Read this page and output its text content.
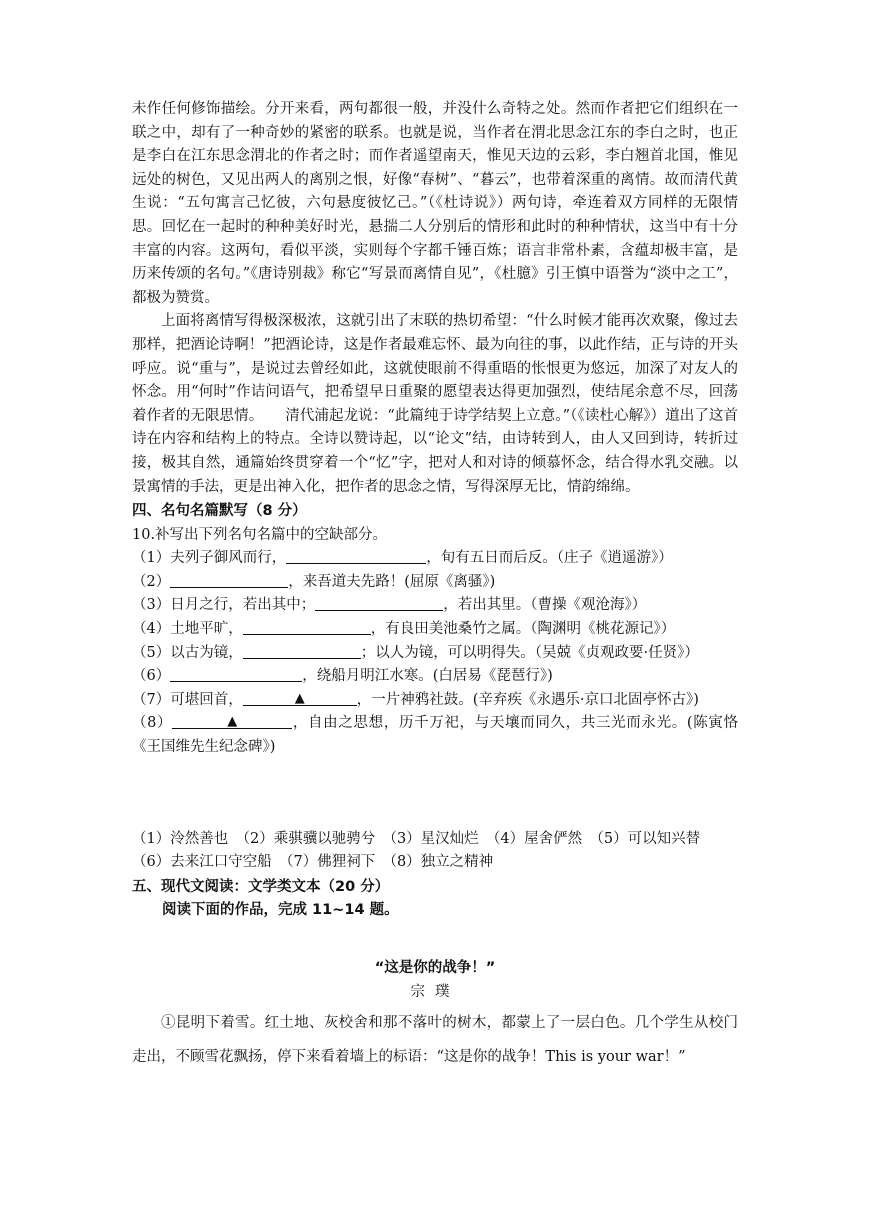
未作任何修饰描绘。分开来看，两句都很一般，并没什么奇特之处。然而作者把它们组织在一联之中，却有了一种奇妙的紧密的联系。也就是说，当作者在渭北思念江东的李白之时，也正是李白在江东思念渭北的作者之时；而作者遥望南天，惟见天边的云彩，李白翘首北国，惟见远处的树色，又见出两人的离别之恨，好像“春树”、“暮云”，也带着深重的离情。故而清代黄生说：“五句寓言己忆彼，六句悬度彼忆己。”（《杜诗说》）两句诗，牵连着双方同样的无限情思。回忆在一起时的种种美好时光，悬揣二人分别后的情形和此时的种种情状，这当中有十分丰富的内容。这两句，看似平淡，实则每个字都千锤百炼；语言非常朴素，含蕴却极丰富，是历来传颂的名句。”《唐诗别裁》称它“写景而离情自见”，《杜臆》引王慎中语誉为“淡中之工”，都极为赞赏。

上面将离情写得极深极浓，这就引出了末联的热切希望：“什么时候才能再次欢聚，像过去那样，把酒论诗啊！”把酒论诗，这是作者最难忘怀、最为向往的事，以此作结，正与诗的开头呼应。说“重与”，是说过去曾经如此，这就使眼前不得重晤的怅恨更为悠远，加深了对友人的怀念。用“何时”作诘问语气，把希望早日重聚的愿望表达得更加强烈，使结尾余意不尽，回荡着作者的无限思情。　　清代浦起龙说：“此篇纯于诗学结契上立意。”（《读杜心解》）道出了这首诗在内容和结构上的特点。全诗以赞诗起，以“论文”结，由诗转到人，由人又回到诗，转折过接，极其自然，通篇始终贯穿着一个“忆”字，把对人和对诗的倾慕怀念，结合得水乳交融。以景寓情的手法，更是出神入化，把作者的思念之情，写得深厚无比，情韵绵绵。

四、名句名篇默写（8 分）

10.补写出下列名句名篇中的空缺部分。

（1）夫列子御风而行，	，旬有五日而后反。（庄子《逍遥游》）

（2）	，来吾道夫先路！(屈原《离骚》)

（3）日月之行，若出其中；	，若出其里。（曹操《观沧海》）

（4）土地平旷，	，有良田美池桑竹之属。（陶渊明《桃花源记》）

（5）以古为镜，	；以人为镜，可以明得失。（吴兢《贞观政要·任贤》）

（6）	，绕船月明江水寒。(白居易《琵琶行》)

（7）可堪回首，	▲	，一片神鸦社鼓。(辛弃疾《永遇乐·京口北固亭怀古》)

（8）	▲	，自由之思想，历千万祀，与天壤而同久，共三光而永光。(陈寅恪《王国维先生纪念碑》)

（1）泠然善也　（2）乘骐骥以驰骋兮　（3）星汉灿烂　（4）屋舍俨然　（5）可以知兴替

（6）去来江口守空船　（7）佛狸祠下　（8）独立之精神

五、现代文阅读：文学类文本（20 分）

阅读下面的作品，完成 11~14 题。

“这是你的战争！”

宗璞

①昆明下着雪。红土地、灰校舍和那不落叶的树木，都蒙上了一层白色。几个学生从校门走出，不顾雪花飘扬，停下来看着墙上的标语：“这是你的战争！This is your war！”
